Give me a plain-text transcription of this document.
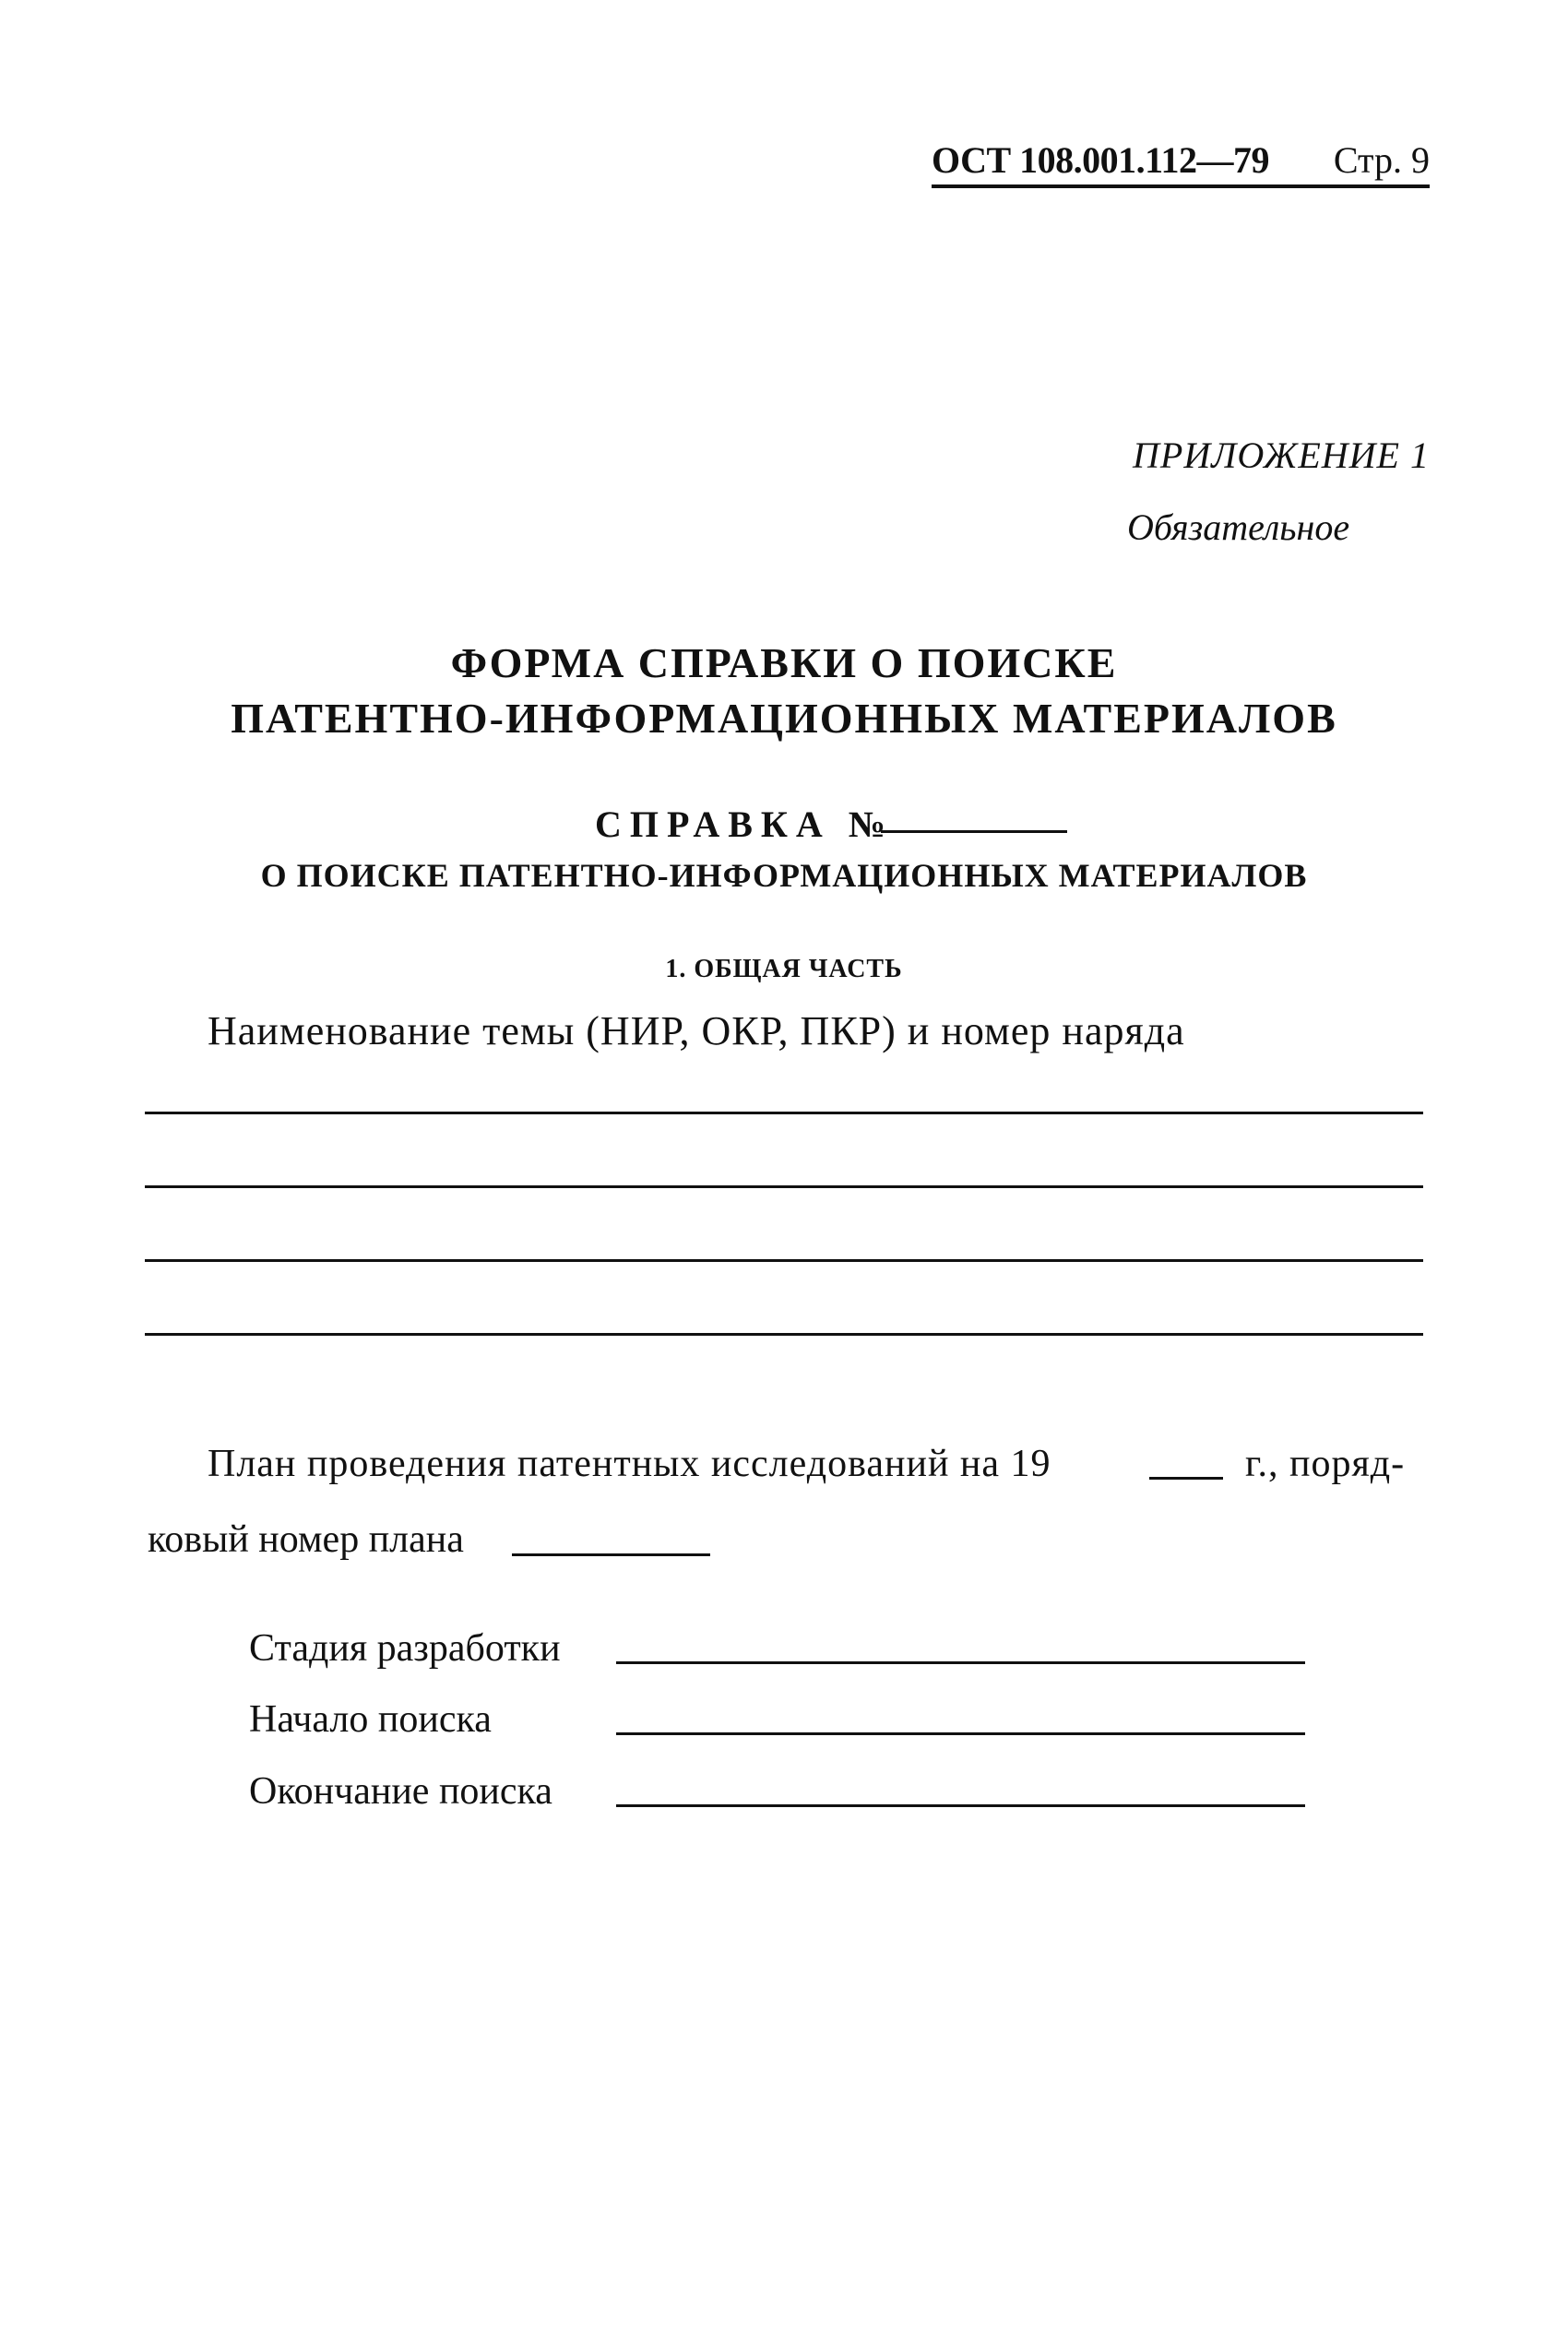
ОСТ 108.001.112—79 Стр. 9
ПРИЛОЖЕНИЕ 1
Обязательное
ФОРМА СПРАВКИ О ПОИСКЕ
ПАТЕНТНО-ИНФОРМАЦИОННЫХ МАТЕРИАЛОВ
СПРАВКА №
О ПОИСКЕ ПАТЕНТНО-ИНФОРМАЦИОННЫХ МАТЕРИАЛОВ
1. ОБЩАЯ ЧАСТЬ
Наименование темы (НИР, ОКР, ПКР) и номер наряда
План проведения патентных исследований на 19	г., поряд-
ковый номер плана
Стадия разработки
Начало поиска
Окончание поиска
